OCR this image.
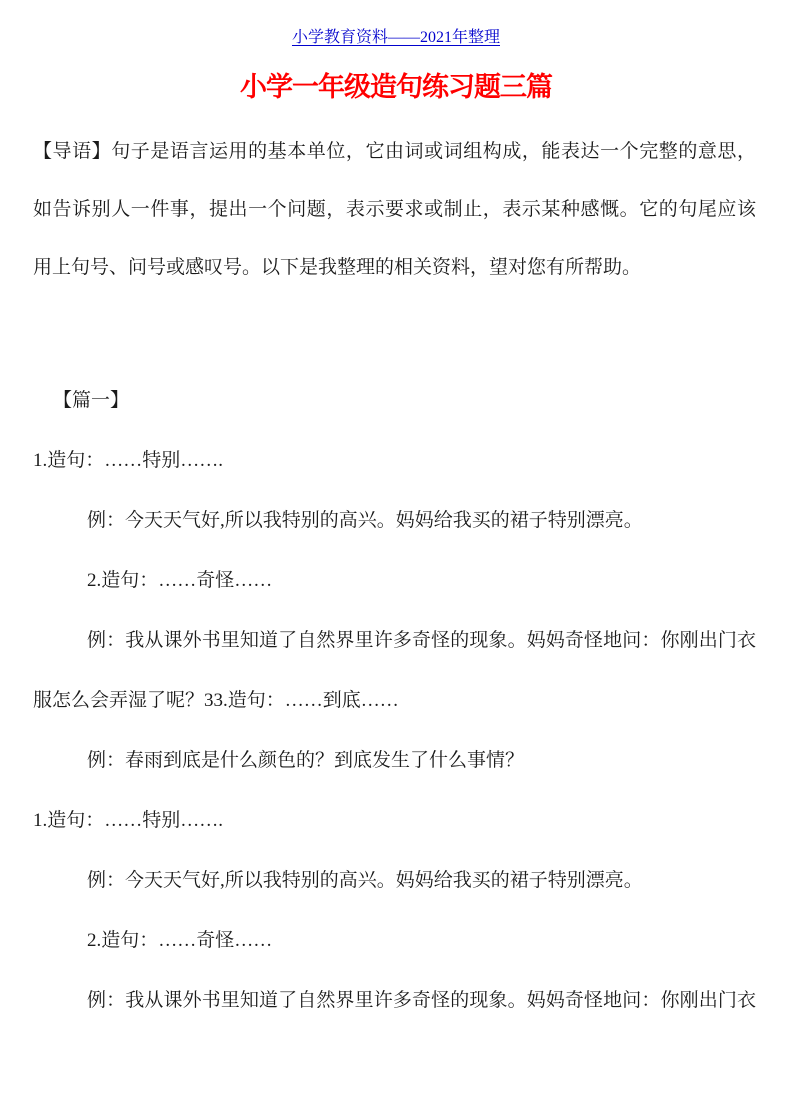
小学教育资料——2021年整理
小学一年级造句练习题三篇
【导语】句子是语言运用的基本单位，它由词或词组构成，能表达一个完整的意思，
如告诉别人一件事，提出一个问题，表示要求或制止，表示某种感慨。它的句尾应该
用上句号、问号或感叹号。以下是我整理的相关资料，望对您有所帮助。
【篇一】
1.造句：……特别…….
例：今天天气好,所以我特别的高兴。妈妈给我买的裙子特别漂亮。
2.造句：……奇怪……
例：我从课外书里知道了自然界里许多奇怪的现象。妈妈奇怪地问：你刚出门衣
服怎么会弄湿了呢？33.造句：……到底……
例：春雨到底是什么颜色的？到底发生了什么事情？
1.造句：……特别…….
例：今天天气好,所以我特别的高兴。妈妈给我买的裙子特别漂亮。
2.造句：……奇怪……
例：我从课外书里知道了自然界里许多奇怪的现象。妈妈奇怪地问：你刚出门衣
